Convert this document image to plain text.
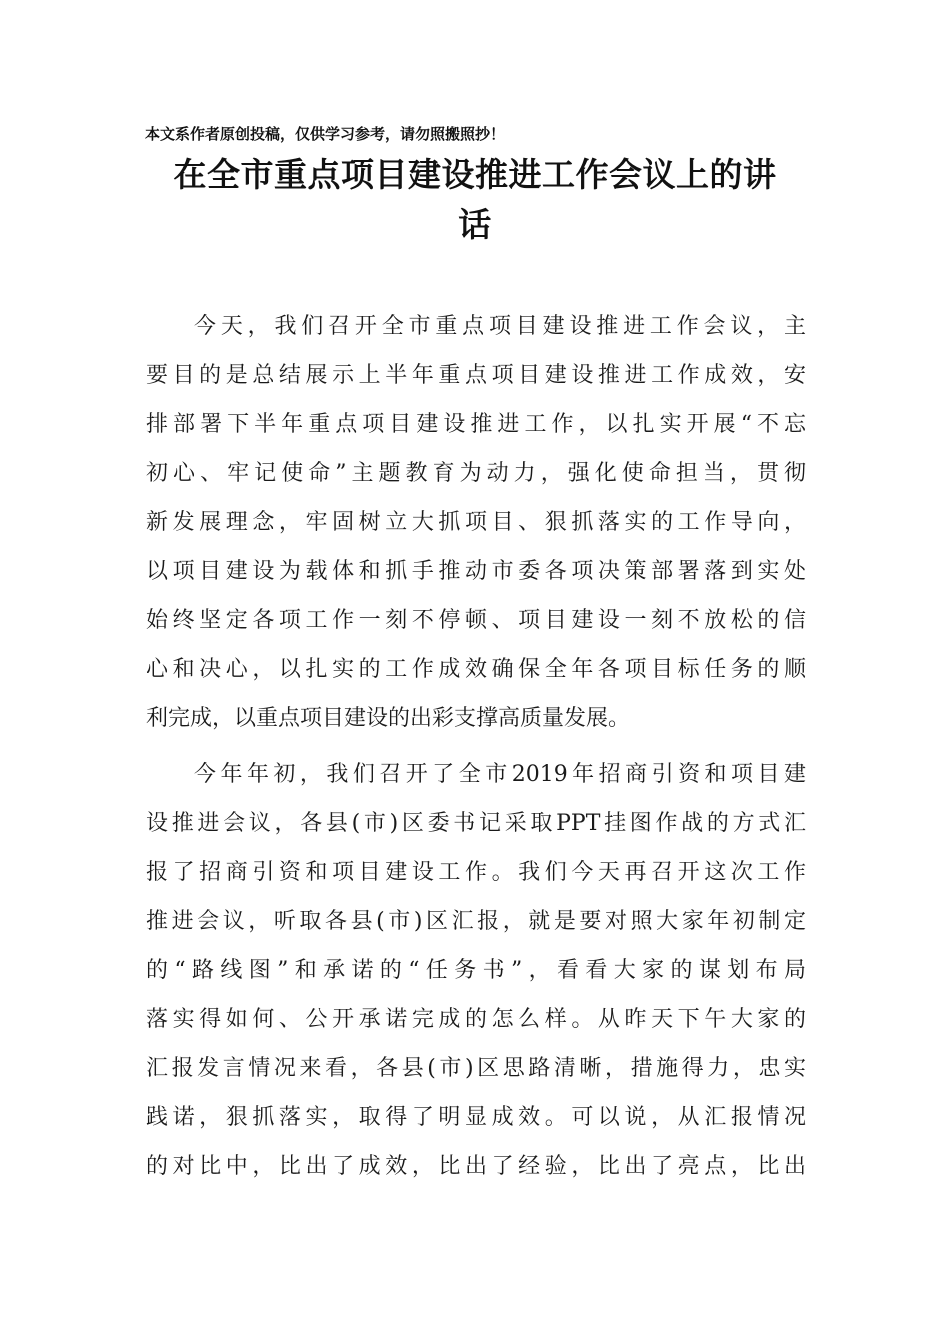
本文系作者原创投稿，仅供学习参考，请勿照搬照抄！
在全市重点项目建设推进工作会议上的讲
话
今天，我们召开全市重点项目建设推进工作会议，主
要目的是总结展示上半年重点项目建设推进工作成效，安
排部署下半年重点项目建设推进工作，以扎实开展“不忘
初心、牢记使命”主题教育为动力，强化使命担当，贯彻
新发展理念，牢固树立大抓项目、狠抓落实的工作导向，
以项目建设为载体和抓手推动市委各项决策部署落到实处
始终坚定各项工作一刻不停顿、项目建设一刻不放松的信
心和决心，以扎实的工作成效确保全年各项目标任务的顺
利完成，以重点项目建设的出彩支撑高质量发展。
今年年初，我们召开了全市2019年招商引资和项目建
设推进会议，各县(市)区委书记采取PPT挂图作战的方式汇
报了招商引资和项目建设工作。我们今天再召开这次工作
推进会议，听取各县(市)区汇报，就是要对照大家年初制定
的“路线图”和承诺的“任务书”，看看大家的谋划布局
落实得如何、公开承诺完成的怎么样。从昨天下午大家的
汇报发言情况来看，各县(市)区思路清晰，措施得力，忠实
践诺，狠抓落实，取得了明显成效。可以说，从汇报情况
的对比中，比出了成效，比出了经验，比出了亮点，比出
